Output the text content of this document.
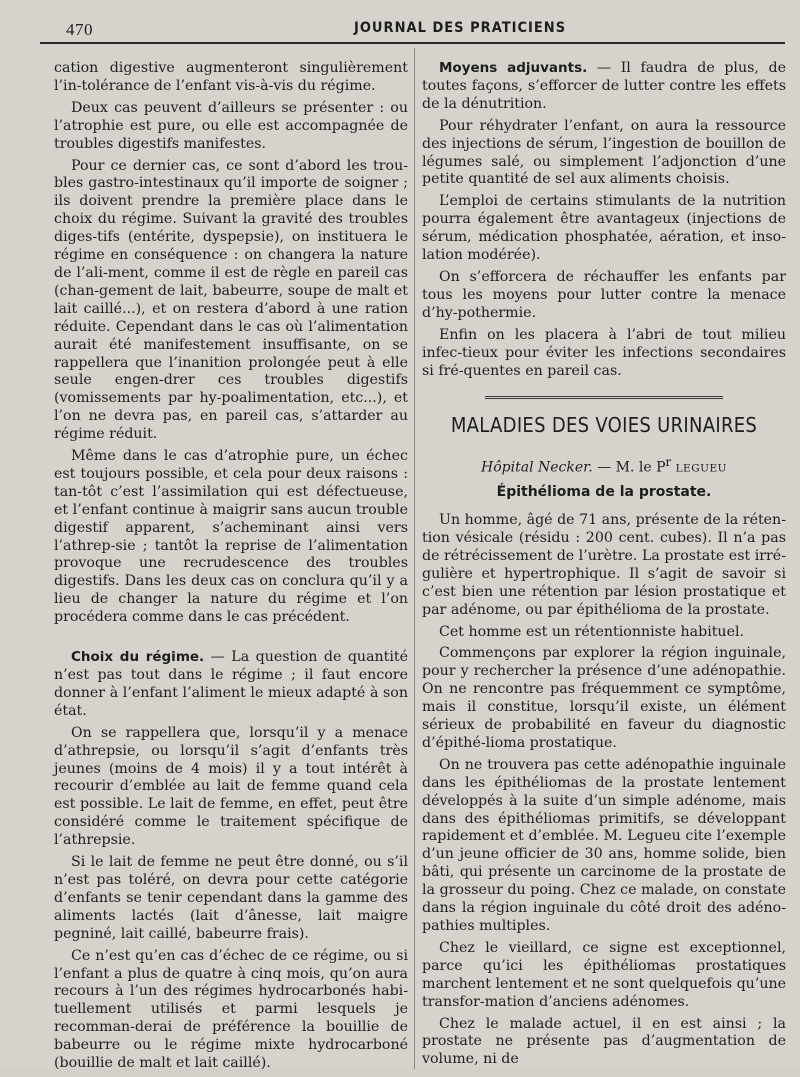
470	JOURNAL DES PRATICIENS

cation digestive augmenteront singulièrement l’in-tolérance de l’enfant vis-à-vis du régime.

Deux cas peuvent d’ailleurs se présenter : ou l’atrophie est pure, ou elle est accompagnée de troubles digestifs manifestes.

Pour ce dernier cas, ce sont d’abord les trou-bles gastro-intestinaux qu’il importe de soigner ; ils doivent prendre la première place dans le choix du régime. Suivant la gravité des troubles diges-tifs (entérite, dyspepsie), on instituera le régime en conséquence : on changera la nature de l’ali-ment, comme il est de règle en pareil cas (chan-gement de lait, babeurre, soupe de malt et lait caillé...), et on restera d’abord à une ration réduite. Cependant dans le cas où l’alimentation aurait été manifestement insuffisante, on se rappellera que l’inanition prolongée peut à elle seule engen-drer ces troubles digestifs (vomissements par hy-poalimentation, etc...), et l’on ne devra pas, en pareil cas, s’attarder au régime réduit.

Même dans le cas d’atrophie pure, un échec est toujours possible, et cela pour deux raisons : tan-tôt c’est l’assimilation qui est défectueuse, et l’enfant continue à maigrir sans aucun trouble digestif apparent, s’acheminant ainsi vers l’athrep-sie ; tantôt la reprise de l’alimentation provoque une recrudescence des troubles digestifs. Dans les deux cas on conclura qu’il y a lieu de changer la nature du régime et l’on procédera comme dans le cas précédent.

Choix du régime. — La question de quantité n’est pas tout dans le régime ; il faut encore donner à l’enfant l’aliment le mieux adapté à son état.

On se rappellera que, lorsqu’il y a menace d’athrepsie, ou lorsqu’il s’agit d’enfants très jeunes (moins de 4 mois) il y a tout intérêt à recourir d’emblée au lait de femme quand cela est possible. Le lait de femme, en effet, peut être considéré comme le traitement spécifique de l’athrepsie.

Si le lait de femme ne peut être donné, ou s’il n’est pas toléré, on devra pour cette catégorie d’enfants se tenir cependant dans la gamme des aliments lactés (lait d’ânesse, lait maigre pegniné, lait caillé, babeurre frais).

Ce n’est qu’en cas d’échec de ce régime, ou si l’enfant a plus de quatre à cinq mois, qu’on aura recours à l’un des régimes hydrocarbonés habi-tuellement utilisés et parmi lesquels je recomman-derai de préférence la bouillie de babeurre ou le régime mixte hydrocarboné (bouillie de malt et lait caillé).

Moyens adjuvants. — Il faudra de plus, de toutes façons, s’efforcer de lutter contre les effets de la dénutrition.

Pour réhydrater l’enfant, on aura la ressource des injections de sérum, l’ingestion de bouillon de légumes salé, ou simplement l’adjonction d’une petite quantité de sel aux aliments choisis.

L’emploi de certains stimulants de la nutrition pourra également être avantageux (injections de sérum, médication phosphatée, aération, et inso-lation modérée).

On s’efforcera de réchauffer les enfants par tous les moyens pour lutter contre la menace d’hy-pothermie.

Enfin on les placera à l’abri de tout milieu infec-tieux pour éviter les infections secondaires si fré-quentes en pareil cas.

MALADIES DES VOIES URINAIRES
Hôpital Necker. — M. le $P^r$ LEGUEU
Épithélioma de la prostate.

Un homme, âgé de 71 ans, présente de la réten-tion vésicale (résidu : 200 cent. cubes). Il n’a pas de rétrécissement de l’urètre. La prostate est irré-gulière et hypertrophique. Il s’agit de savoir si c’est bien une rétention par lésion prostatique et par adénome, ou par épithélioma de la prostate.

Cet homme est un rétentionniste habituel.

Commençons par explorer la région inguinale, pour y rechercher la présence d’une adénopathie. On ne rencontre pas fréquemment ce symptôme, mais il constitue, lorsqu’il existe, un élément sérieux de probabilité en faveur du diagnostic d’épithé-lioma prostatique.

On ne trouvera pas cette adénopathie inguinale dans les épithéliomas de la prostate lentement développés à la suite d’un simple adénome, mais dans des épithéliomas primitifs, se développant rapidement et d’emblée. M. Legueu cite l’exemple d’un jeune officier de 30 ans, homme solide, bien bâti, qui présente un carcinome de la prostate de la grosseur du poing. Chez ce malade, on constate dans la région inguinale du côté droit des adéno-pathies multiples.

Chez le vieillard, ce signe est exceptionnel, parce qu’ici les épithéliomas prostatiques marchent lentement et ne sont quelquefois qu’une transfor-mation d’anciens adénomes.

Chez le malade actuel, il en est ainsi ; la prostate ne présente pas d’augmentation de volume, ni de
